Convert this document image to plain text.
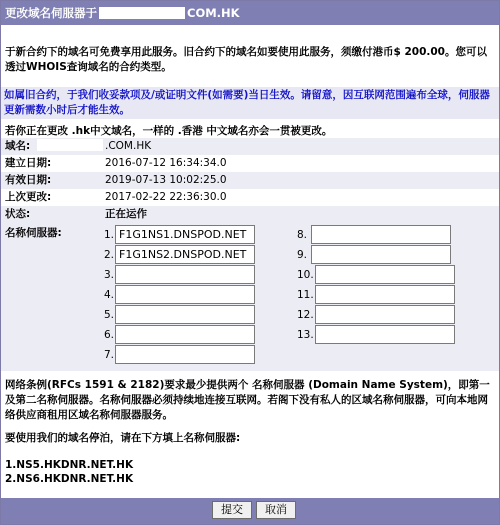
更改域名伺服器于	COM.HK
于新合约下的域名可免费享用此服务。旧合约下的域名如要使用此服务，须缴付港币$ 200.00。您可以透过WHOIS查询域名的合约类型。
如属旧合约，于我们收妥款项及/或证明文件(如需要)当日生效。请留意，因互联网范围遍布全球，伺服器更新需数小时后才能生效。
若你正在更改 .hk中文域名，一样的 .香港 中文域名亦会一贯被更改。
域名:	.COM.HK
建立日期:	2016-07-12 16:34:34.0
有效日期:	2019-07-13 10:02:25.0
上次更改:	2017-02-22 22:36:30.0
状态:	正在运作
名称伺服器:	1.
F1G1NS1.DNSPOD.NET
2.
F1G1NS2.DNSPOD.NET
3.
4.
5.
6.
7.
8.
9.
10.
11.
12.
13.
网络条例(RFCs 1591 & 2182)要求最少提供两个 名称伺服器 (Domain Name System)，即第一及第二名称伺服器。名称伺服器必须持续地连接互联网。若阁下没有私人的区域名称伺服器，可向本地网络供应商租用区域名称伺服器服务。
要使用我们的域名停泊，请在下方填上名称伺服器:
1.NS5.HKDNR.NET.HK
2.NS6.HKDNR.NET.HK
提交	取消
